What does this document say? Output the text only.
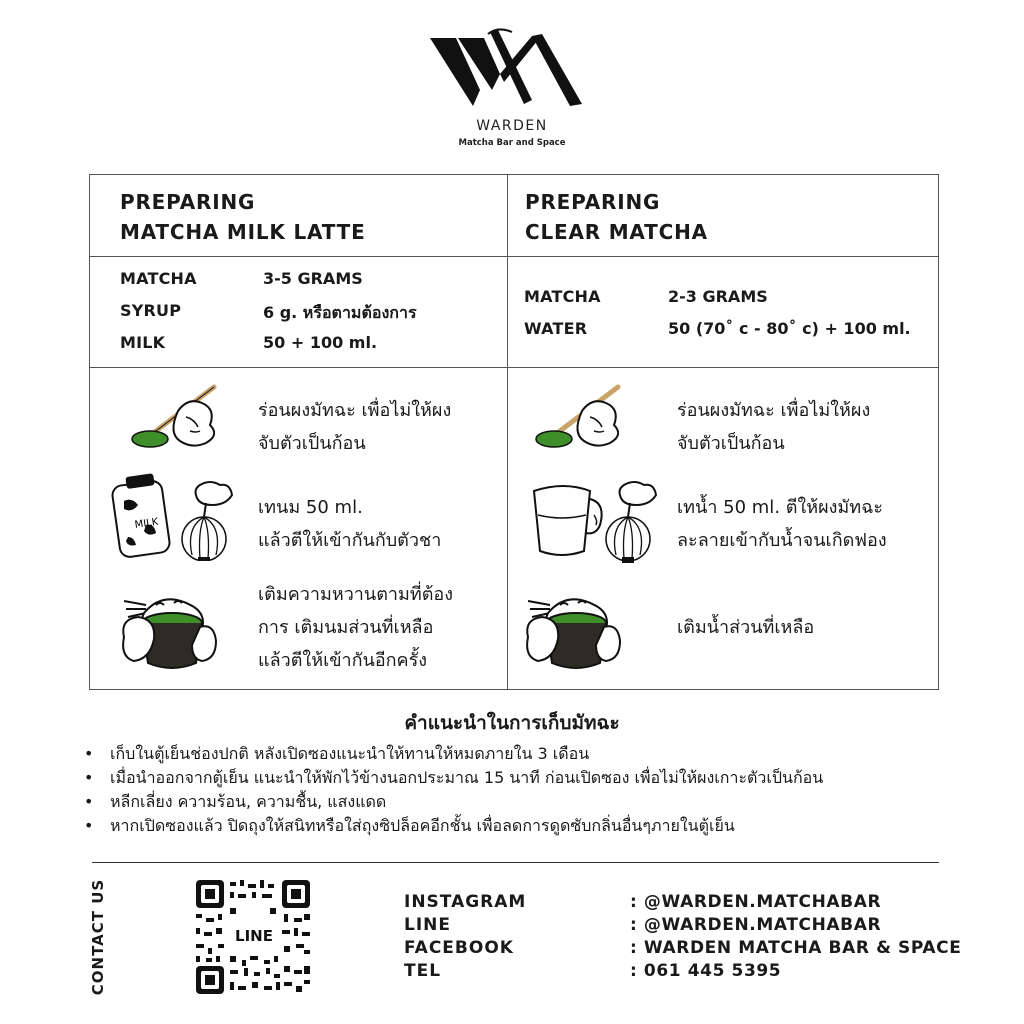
WARDEN
Matcha Bar and Space
PREPARING
MATCHA MILK LATTE
MATCHA	3-5 GRAMS
SYRUP	6 g. หรือตามต้องการ
MILK	50 + 100 ml.
ร่อนผงมัทฉะ เพื่อไม่ให้ผง
จับตัวเป็นก้อน
MILK
เทนม 50 ml.
แล้วตีให้เข้ากันกับตัวชา
เติมความหวานตามที่ต้อง
การ เติมนมส่วนที่เหลือ
แล้วตีให้เข้ากันอีกครั้ง
PREPARING
CLEAR MATCHA
MATCHA	2-3 GRAMS
WATER	50 (70˚ c - 80˚ c) + 100 ml.
ร่อนผงมัทฉะ เพื่อไม่ให้ผง
จับตัวเป็นก้อน
เทน้ำ 50 ml. ตีให้ผงมัทฉะ
ละลายเข้ากับน้ำจนเกิดฟอง
เติมน้ำส่วนที่เหลือ
คำแนะนำในการเก็บมัทฉะ
• เก็บในตู้เย็นช่องปกติ หลังเปิดซองแนะนำให้ทานให้หมดภายใน 3 เดือน
• เมื่อนำออกจากตู้เย็น แนะนำให้พักไว้ข้างนอกประมาณ 15 นาที ก่อนเปิดซอง เพื่อไม่ให้ผงเกาะตัวเป็นก้อน
• หลีกเลี่ยง ความร้อน, ความชื้น, แสงแดด
• หากเปิดซองแล้ว ปิดถุงให้สนิทหรือใส่ถุงซิปล็อคอีกชั้น เพื่อลดการดูดซับกลิ่นอื่นๆภายในตู้เย็น
CONTACT US	LINE
INSTAGRAM	: @WARDEN.MATCHABAR
LINE	: @WARDEN.MATCHABAR
FACEBOOK	: WARDEN MATCHA BAR & SPACE
TEL	: 061 445 5395
